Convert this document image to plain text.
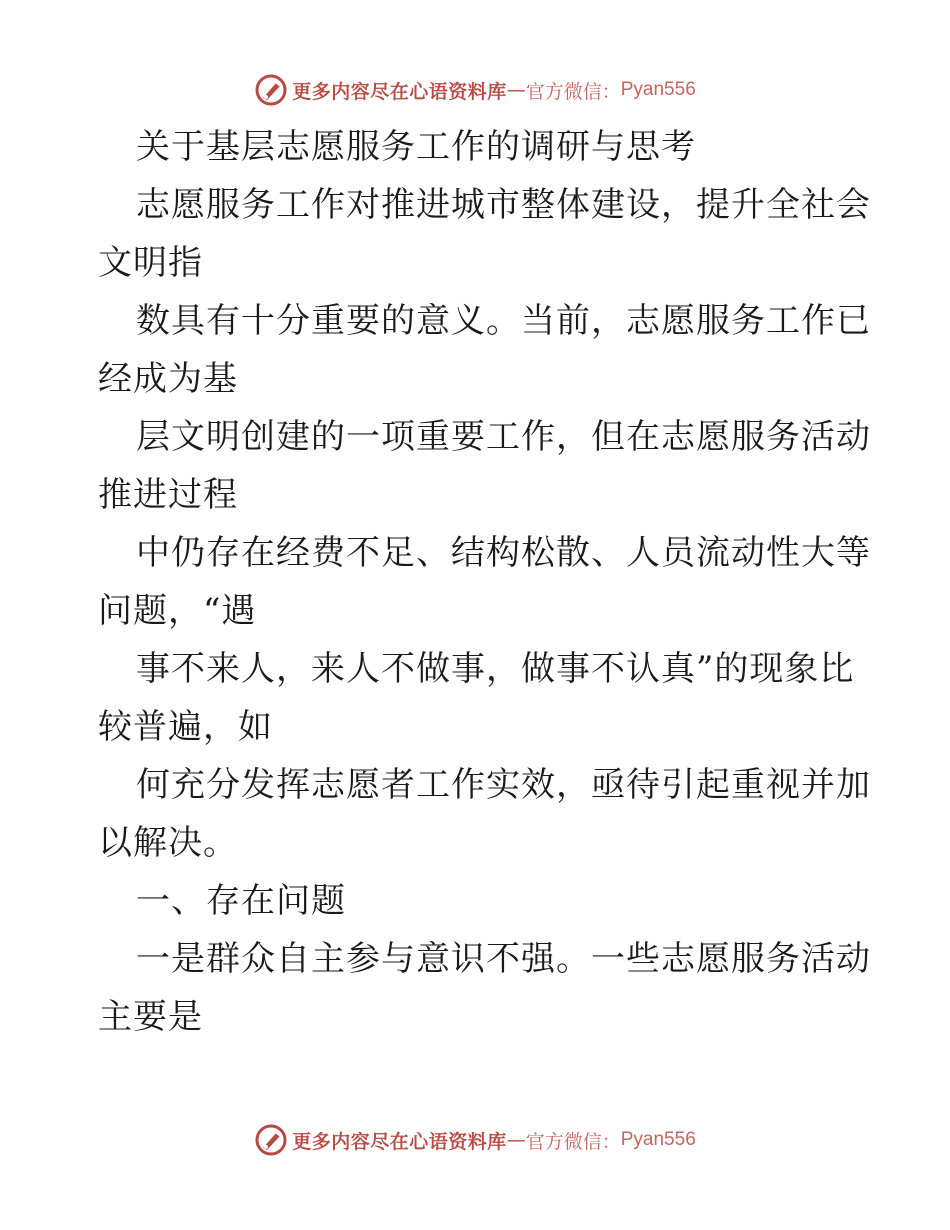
更多内容尽在心语资料库 — 官方微信： Pyan556
关于基层志愿服务工作的调研与思考
志愿服务工作对推进城市整体建设，提升全社会
文明指
数具有十分重要的意义。当前，志愿服务工作已
经成为基
层文明创建的一项重要工作，但在志愿服务活动
推进过程
中仍存在经费不足、结构松散、人员流动性大等
问题，“遇
事不来人，来人不做事，做事不认真”的现象比
较普遍，如
何充分发挥志愿者工作实效，亟待引起重视并加
以解决。
一、存在问题
一是群众自主参与意识不强。一些志愿服务活动
主要是
更多内容尽在心语资料库 — 官方微信： Pyan556
